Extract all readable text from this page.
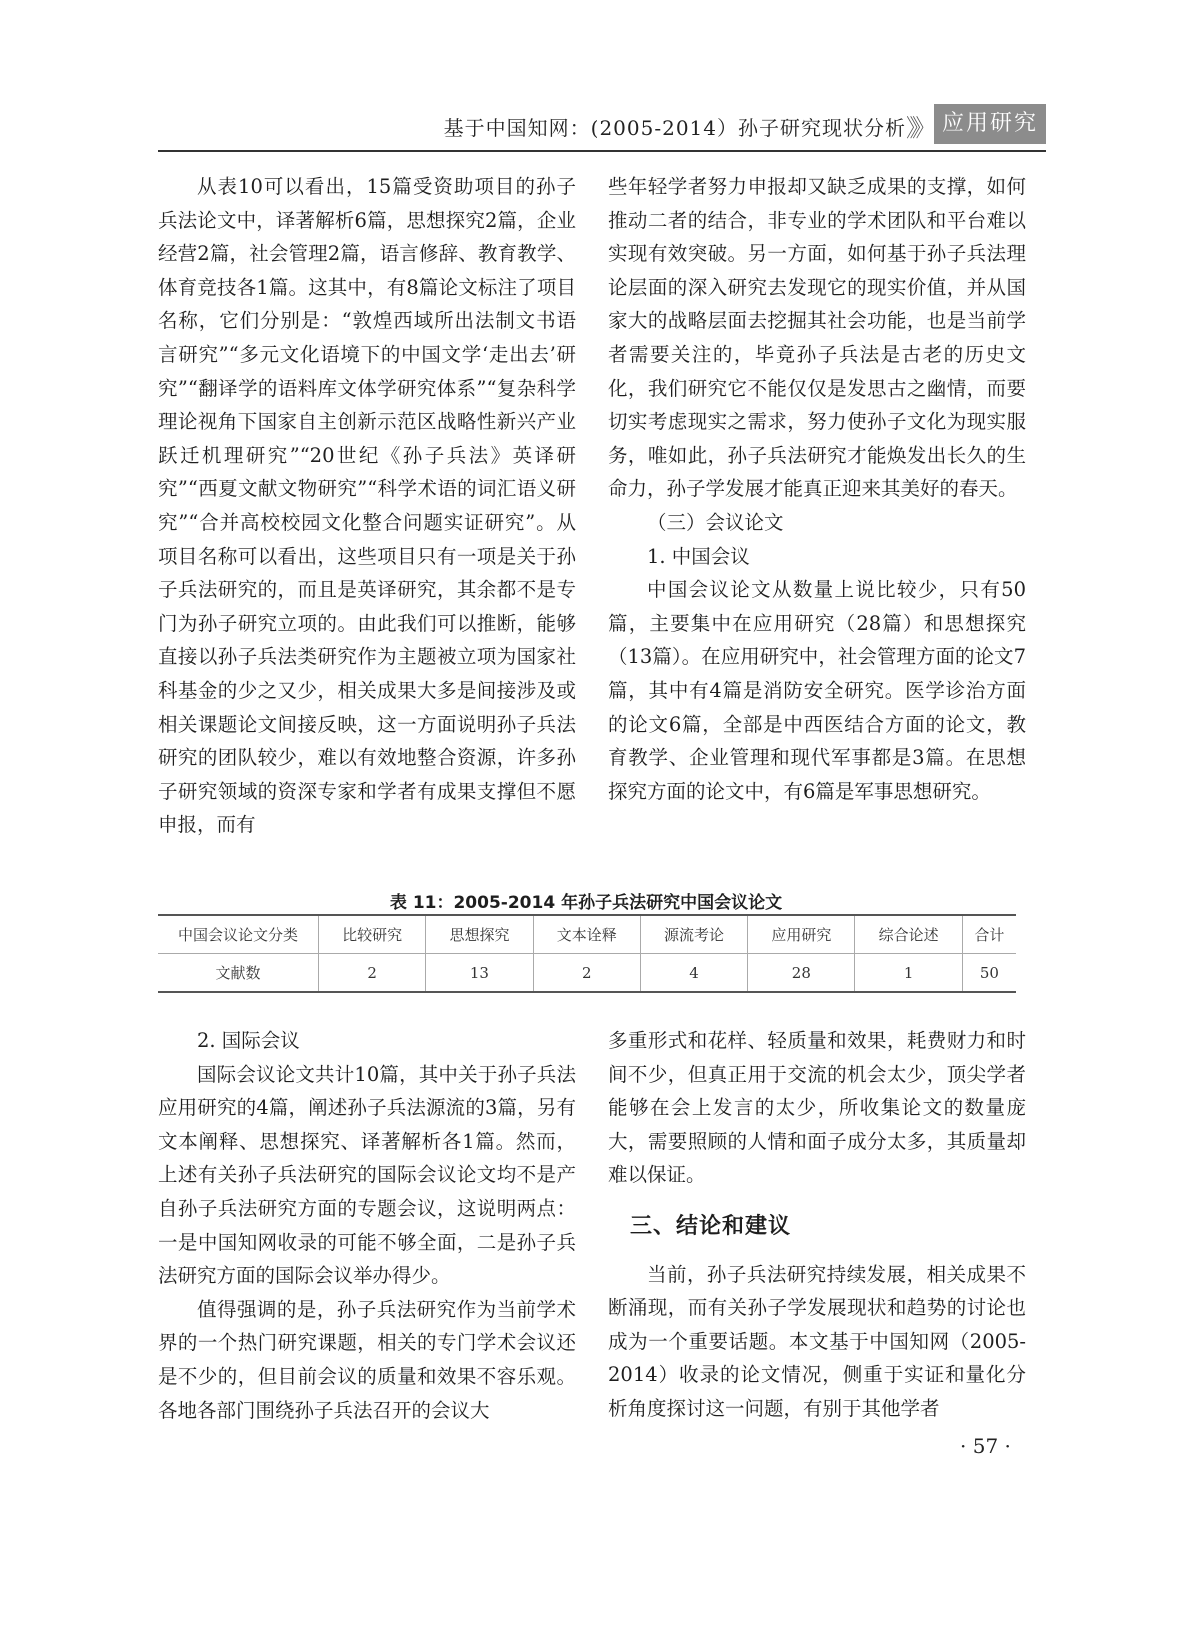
基于中国知网：(2005-2014）孙子研究现状分析 》》 应用研究

从表10可以看出，15篇受资助项目的孙子兵法论文中，译著解析6篇，思想探究2篇，企业经营2篇，社会管理2篇，语言修辞、教育教学、体育竞技各1篇。这其中，有8篇论文标注了项目名称，它们分别是：“敦煌西域所出法制文书语言研究”“多元文化语境下的中国文学‘走出去’研究”“翻译学的语料库文体学研究体系”“复杂科学理论视角下国家自主创新示范区战略性新兴产业跃迁机理研究”“20世纪《孙子兵法》英译研究”“西夏文献文物研究”“科学术语的词汇语义研究”“合并高校校园文化整合问题实证研究”。从项目名称可以看出，这些项目只有一项是关于孙子兵法研究的，而且是英译研究，其余都不是专门为孙子研究立项的。由此我们可以推断，能够直接以孙子兵法类研究作为主题被立项为国家社科基金的少之又少，相关成果大多是间接涉及或相关课题论文间接反映，这一方面说明孙子兵法研究的团队较少，难以有效地整合资源，许多孙子研究领域的资深专家和学者有成果支撑但不愿申报，而有

些年轻学者努力申报却又缺乏成果的支撑，如何推动二者的结合，非专业的学术团队和平台难以实现有效突破。另一方面，如何基于孙子兵法理论层面的深入研究去发现它的现实价值，并从国家大的战略层面去挖掘其社会功能，也是当前学者需要关注的，毕竟孙子兵法是古老的历史文化，我们研究它不能仅仅是发思古之幽情，而要切实考虑现实之需求，努力使孙子文化为现实服务，唯如此，孙子兵法研究才能焕发出长久的生命力，孙子学发展才能真正迎来其美好的春天。

（三）会议论文

1. 中国会议

中国会议论文从数量上说比较少，只有50篇，主要集中在应用研究（28篇）和思想探究（13篇）。在应用研究中，社会管理方面的论文7篇，其中有4篇是消防安全研究。医学诊治方面的论文6篇，全部是中西医结合方面的论文，教育教学、企业管理和现代军事都是3篇。在思想探究方面的论文中，有6篇是军事思想研究。

表 11：2005-2014 年孙子兵法研究中国会议论文
中国会议论文分类	比较研究	思想探究	文本诠释	源流考论	应用研究	综合论述	合计
文献数	2	13	2	4	28	1	50

2. 国际会议

国际会议论文共计10篇，其中关于孙子兵法应用研究的4篇，阐述孙子兵法源流的3篇，另有文本阐释、思想探究、译著解析各1篇。然而，上述有关孙子兵法研究的国际会议论文均不是产自孙子兵法研究方面的专题会议，这说明两点：一是中国知网收录的可能不够全面，二是孙子兵法研究方面的国际会议举办得少。

值得强调的是，孙子兵法研究作为当前学术界的一个热门研究课题，相关的专门学术会议还是不少的，但目前会议的质量和效果不容乐观。各地各部门围绕孙子兵法召开的会议大

多重形式和花样、轻质量和效果，耗费财力和时间不少，但真正用于交流的机会太少，顶尖学者能够在会上发言的太少，所收集论文的数量庞大，需要照顾的人情和面子成分太多，其质量却难以保证。

三、结论和建议

当前，孙子兵法研究持续发展，相关成果不断涌现，而有关孙子学发展现状和趋势的讨论也成为一个重要话题。本文基于中国知网（2005-2014）收录的论文情况，侧重于实证和量化分析角度探讨这一问题，有别于其他学者

· 57 ·
